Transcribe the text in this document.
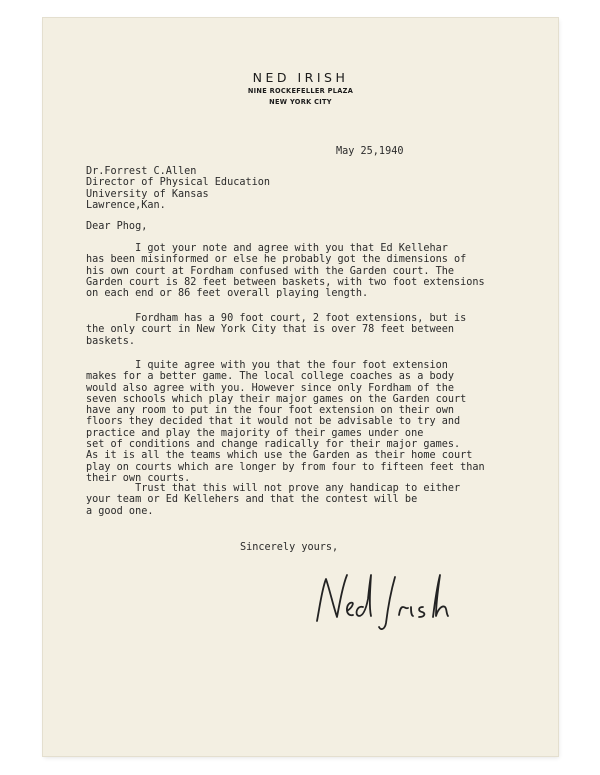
NED IRISH
NINE ROCKEFELLER PLAZA
NEW YORK CITY
May 25,1940
Dr.Forrest C.Allen
Director of Physical Education
University of Kansas
Lawrence,Kan.
Dear Phog,
I got your note and agree with you that Ed Kellehar
has been misinformed or else he probably got the dimensions of
his own court at Fordham confused with the Garden court. The
Garden court is 82 feet between baskets, with two foot extensions
on each end or 86 feet overall playing length.
Fordham has a 90 foot court, 2 foot extensions, but is
the only court in New York City that is over 78 feet between
baskets.
I quite agree with you that the four foot extension
makes for a better game. The local college coaches as a body
would also agree with you. However since only Fordham of the
seven schools which play their major games on the Garden court
have any room to put in the four foot extension on their own
floors they decided that it would not be advisable to try and
practice and play the majority of their games under one
set of conditions and change radically for their major games.
As it is all the teams which use the Garden as their home court
play on courts which are longer by from four to fifteen feet than
their own courts.
Trust that this will not prove any handicap to either
your team or Ed Kellehers and that the contest will be
a good one.
Sincerely yours,
